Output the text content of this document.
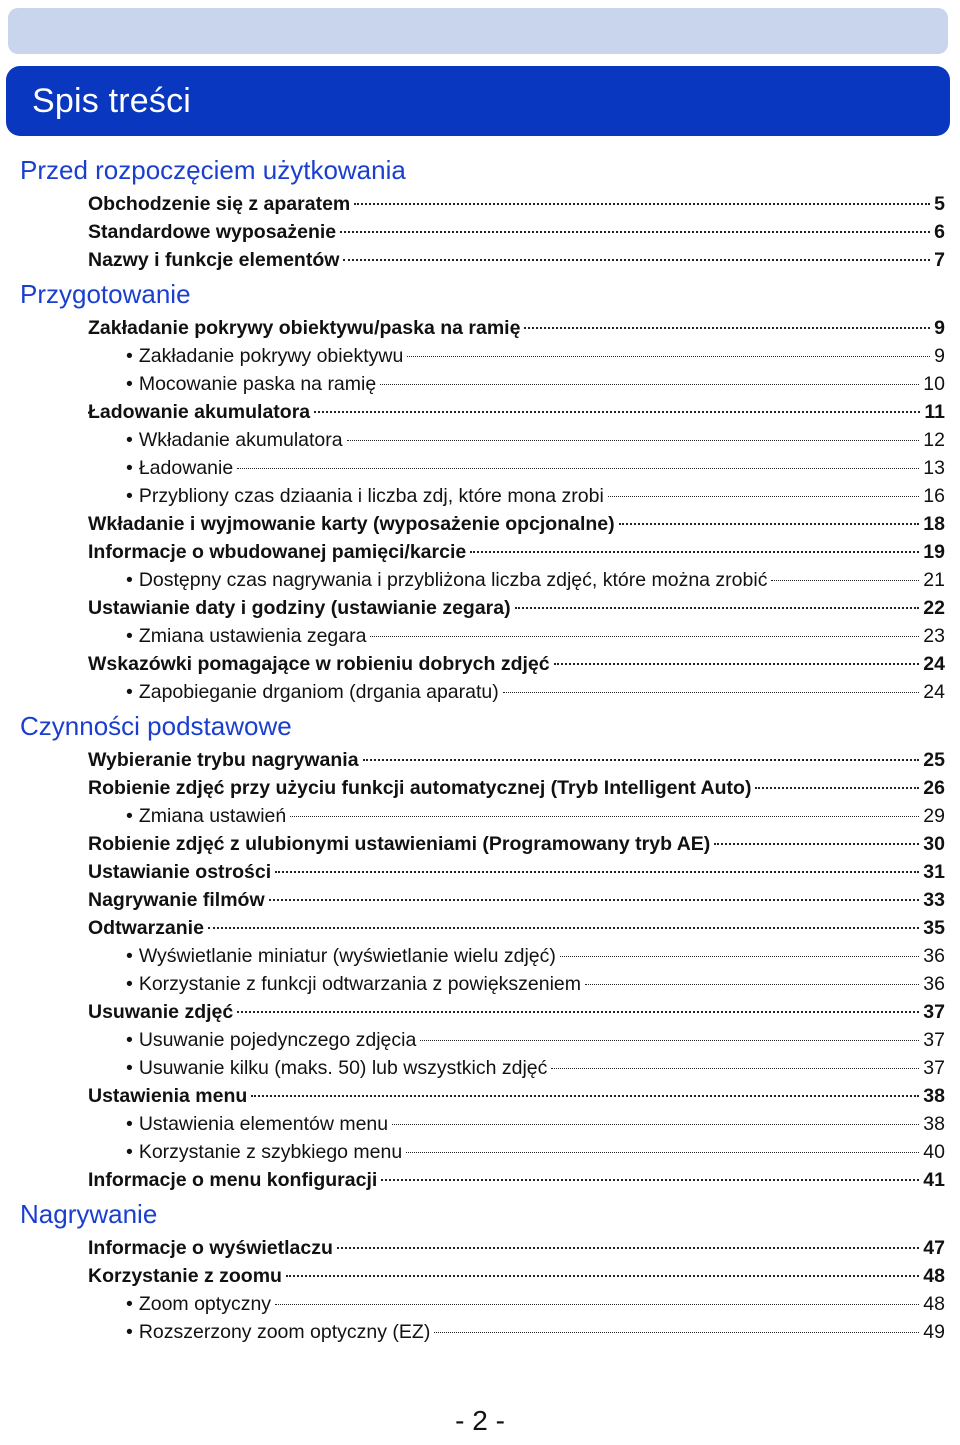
Spis treści
Przed rozpoczęciem użytkowania
Obchodzenie się z aparatem	5
Standardowe wyposażenie	6
Nazwy i funkcje elementów	7
Przygotowanie
Zakładanie pokrywy obiektywu/paska na ramię	9
• Zakładanie pokrywy obiektywu	9
• Mocowanie paska na ramię	10
Ładowanie akumulatora	11
• Wkładanie akumulatora	12
• Ładowanie	13
• Przybliony czas dziaania i liczba zdj, które mona zrobi	16
Wkładanie i wyjmowanie karty (wyposażenie opcjonalne)	18
Informacje o wbudowanej pamięci/karcie	19
• Dostępny czas nagrywania i przybliżona liczba zdjęć, które można zrobić	21
Ustawianie daty i godziny (ustawianie zegara)	22
• Zmiana ustawienia zegara	23
Wskazówki pomagające w robieniu dobrych zdjęć	24
• Zapobieganie drganiom (drgania aparatu)	24
Czynności podstawowe
Wybieranie trybu nagrywania	25
Robienie zdjęć przy użyciu funkcji automatycznej (Tryb Intelligent Auto)	26
• Zmiana ustawień	29
Robienie zdjęć z ulubionymi ustawieniami (Programowany tryb AE)	30
Ustawianie ostrości	31
Nagrywanie filmów	33
Odtwarzanie	35
• Wyświetlanie miniatur (wyświetlanie wielu zdjęć)	36
• Korzystanie z funkcji odtwarzania z powiększeniem	36
Usuwanie zdjęć	37
• Usuwanie pojedynczego zdjęcia	37
• Usuwanie kilku (maks. 50) lub wszystkich zdjęć	37
Ustawienia menu	38
• Ustawienia elementów menu	38
• Korzystanie z szybkiego menu	40
Informacje o menu konfiguracji	41
Nagrywanie
Informacje o wyświetlaczu	47
Korzystanie z zoomu	48
• Zoom optyczny	48
• Rozszerzony zoom optyczny (EZ)	49
- 2 -
